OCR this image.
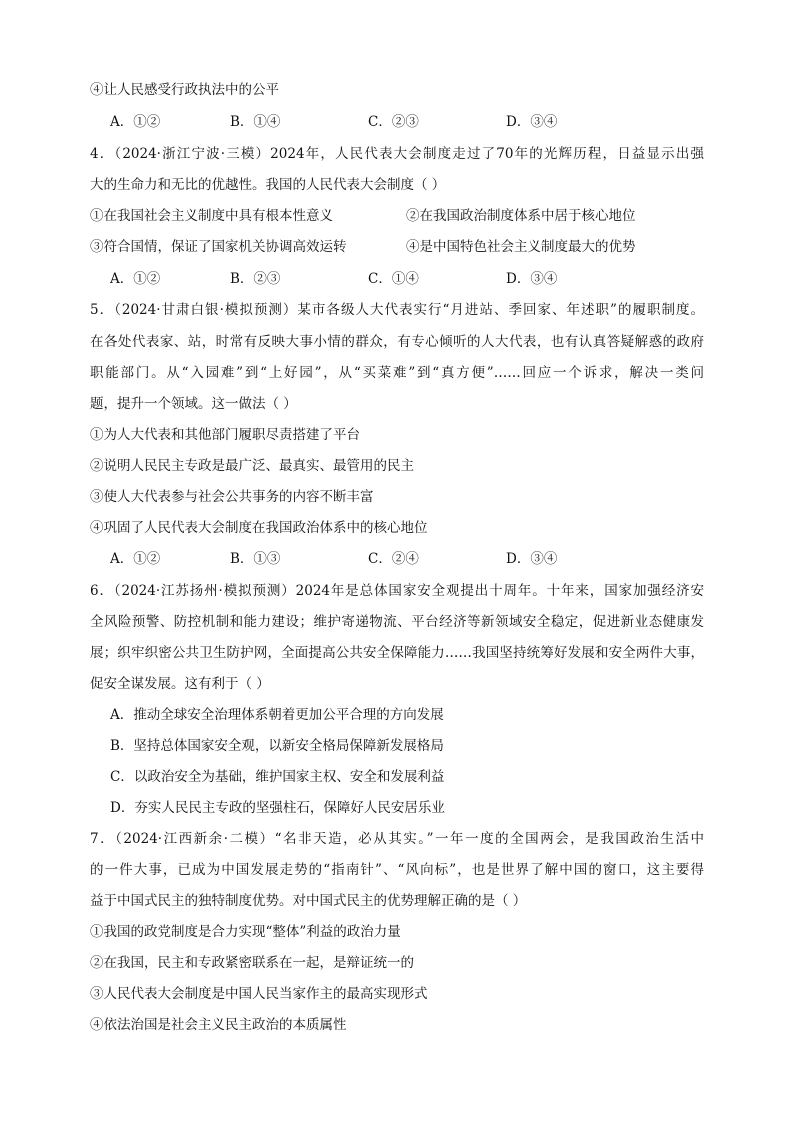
④让人民感受行政执法中的公平
A．①②	B．①④	C．②③	D．③④
4．（2024·浙江宁波·三模）2024年，人民代表大会制度走过了70年的光辉历程，日益显示出强
大的生命力和无比的优越性。我国的人民代表大会制度（ ）
①在我国社会主义制度中具有根本性意义	②在我国政治制度体系中居于核心地位
③符合国情，保证了国家机关协调高效运转	④是中国特色社会主义制度最大的优势
A．①②	B．②③	C．①④	D．③④
5．（2024·甘肃白银·模拟预测）某市各级人大代表实行“月进站、季回家、年述职”的履职制度。
在各处代表家、站，时常有反映大事小情的群众，有专心倾听的人大代表，也有认真答疑解惑的政府
职能部门。从“入园难”到“上好园”，从“买菜难”到“真方便”……回应一个诉求，解决一类问
题，提升一个领域。这一做法（ ）
①为人大代表和其他部门履职尽责搭建了平台
②说明人民民主专政是最广泛、最真实、最管用的民主
③使人大代表参与社会公共事务的内容不断丰富
④巩固了人民代表大会制度在我国政治体系中的核心地位
A．①②	B．①③	C．②④	D．③④
6．（2024·江苏扬州·模拟预测）2024年是总体国家安全观提出十周年。十年来，国家加强经济安
全风险预警、防控机制和能力建设；维护寄递物流、平台经济等新领域安全稳定，促进新业态健康发
展；织牢织密公共卫生防护网，全面提高公共安全保障能力……我国坚持统筹好发展和安全两件大事，
促安全谋发展。这有利于（ ）
A．推动全球安全治理体系朝着更加公平合理的方向发展
B．坚持总体国家安全观，以新安全格局保障新发展格局
C．以政治安全为基础，维护国家主权、安全和发展利益
D．夯实人民民主专政的坚强柱石，保障好人民安居乐业
7．（2024·江西新余·二模）“名非天造，必从其实。”一年一度的全国两会，是我国政治生活中
的一件大事，已成为中国发展走势的“指南针”、“风向标”，也是世界了解中国的窗口，这主要得
益于中国式民主的独特制度优势。对中国式民主的优势理解正确的是（ ）
①我国的政党制度是合力实现“整体”利益的政治力量
②在我国，民主和专政紧密联系在一起，是辩证统一的
③人民代表大会制度是中国人民当家作主的最高实现形式
④依法治国是社会主义民主政治的本质属性
